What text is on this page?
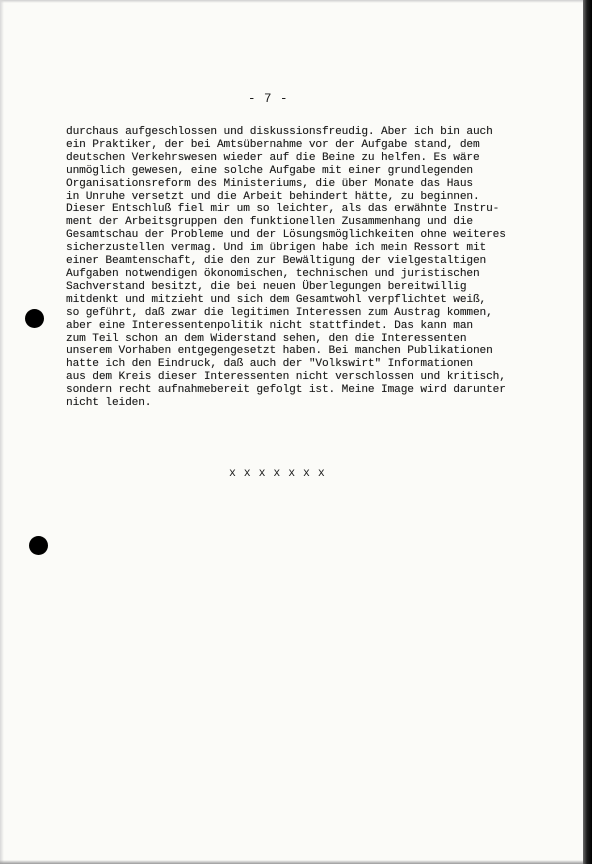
- 7 -
durchaus aufgeschlossen und diskussionsfreudig. Aber ich bin auch
ein Praktiker, der bei Amtsübernahme vor der Aufgabe stand, dem
deutschen Verkehrswesen wieder auf die Beine zu helfen. Es wäre
unmöglich gewesen, eine solche Aufgabe mit einer grundlegenden
Organisationsreform des Ministeriums, die über Monate das Haus
in Unruhe versetzt und die Arbeit behindert hätte, zu beginnen.
Dieser Entschluß fiel mir um so leichter, als das erwähnte Instru-
ment der Arbeitsgruppen den funktionellen Zusammenhang und die
Gesamtschau der Probleme und der Lösungsmöglichkeiten ohne weiteres
sicherzustellen vermag. Und im übrigen habe ich mein Ressort mit
einer Beamtenschaft, die den zur Bewältigung der vielgestaltigen
Aufgaben notwendigen ökonomischen, technischen und juristischen
Sachverstand besitzt, die bei neuen Überlegungen bereitwillig
mitdenkt und mitzieht und sich dem Gesamtwohl verpflichtet weiß,
so geführt, daß zwar die legitimen Interessen zum Austrag kommen,
aber eine Interessentenpolitik nicht stattfindet. Das kann man
zum Teil schon an dem Widerstand sehen, den die Interessenten
unserem Vorhaben entgegengesetzt haben. Bei manchen Publikationen
hatte ich den Eindruck, daß auch der "Volkswirt" Informationen
aus dem Kreis dieser Interessenten nicht verschlossen und kritisch,
sondern recht aufnahmebereit gefolgt ist. Meine Image wird darunter
nicht leiden.
x x x x x x x
